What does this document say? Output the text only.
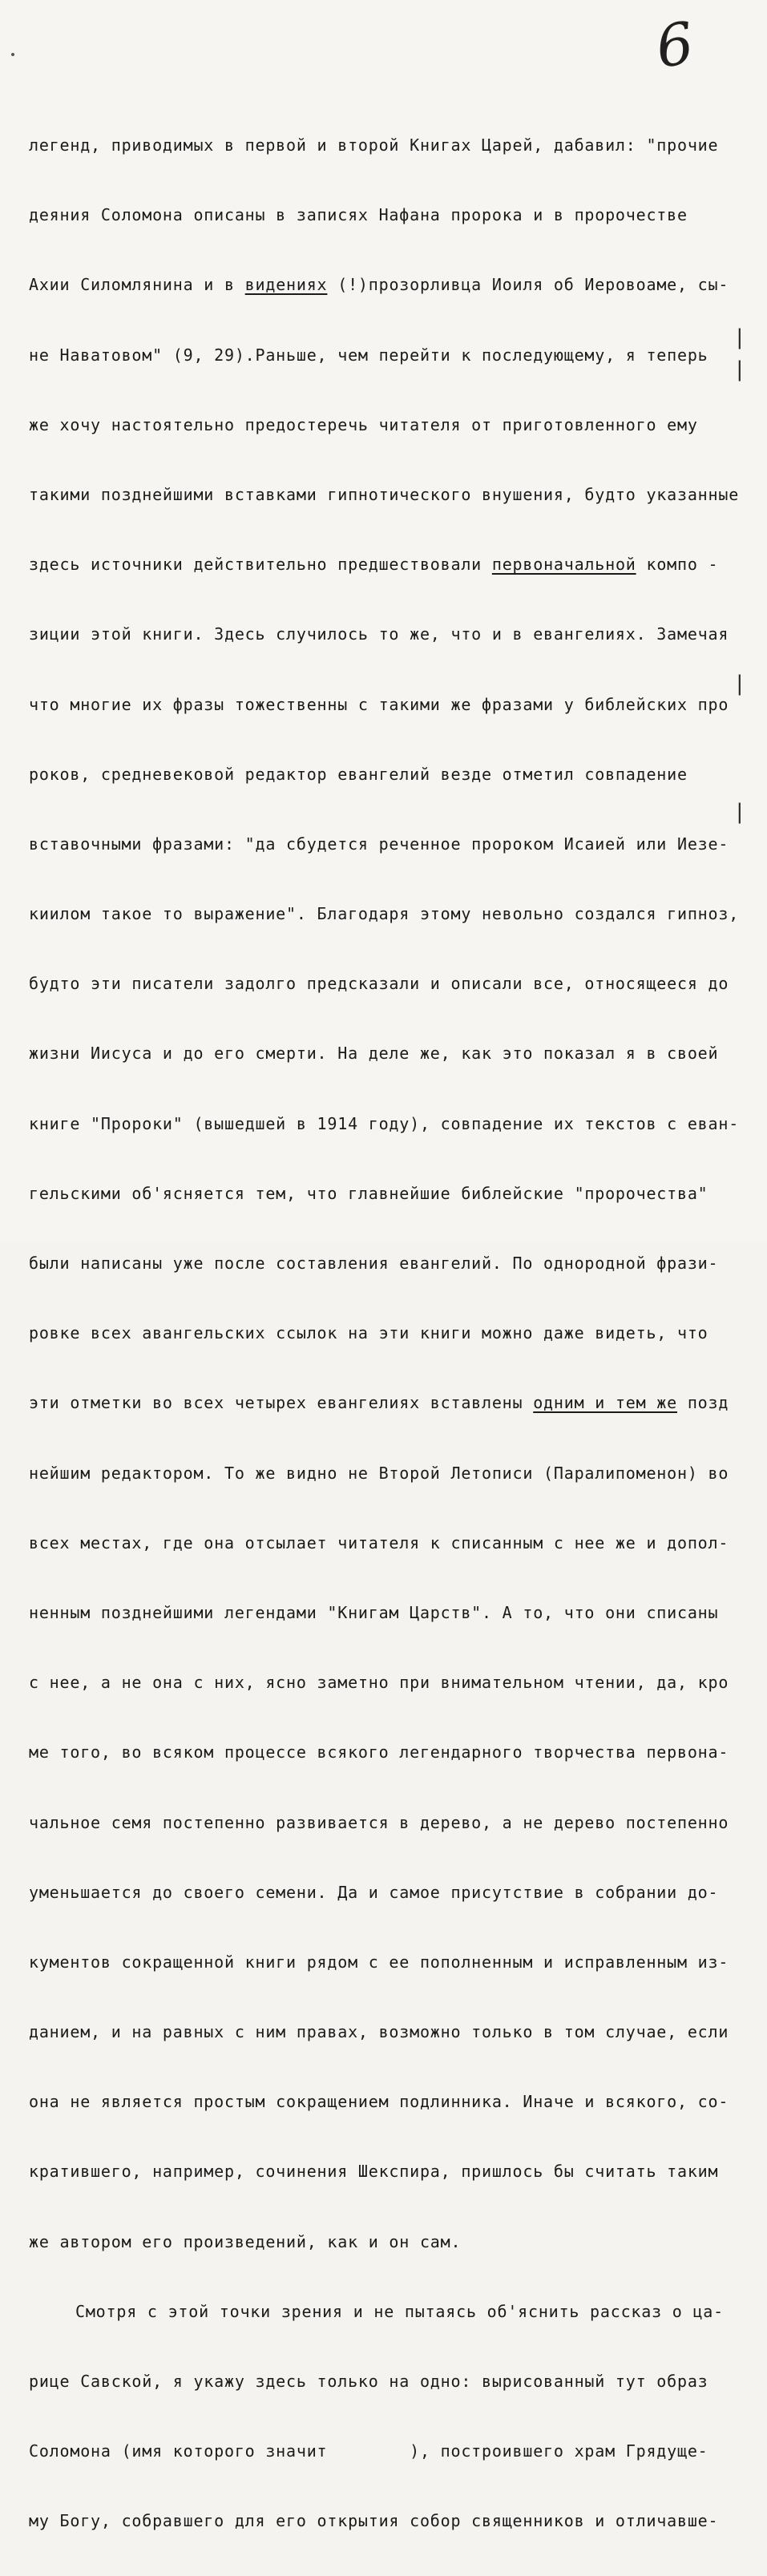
6

легенд, приводимых в первой и второй Книгах Царей, дабавил: "прочие

деяния Соломона описаны в записях Нафана пророка и в пророчестве

Ахии Силомлянина и в видениях (!)прозорливца Иоиля об Иеровоаме, сы-

не Наватовом" (9, 29).Раньше, чем перейти к последующему, я теперь

же хочу настоятельно предостеречь читателя от приготовленного ему

такими позднейшими вставками гипнотического внушения, будто указанные

здесь источники действительно предшествовали первоначальной компо -

зиции этой книги. Здесь случилось то же, что и в евангелиях. Замечая

что многие их фразы тожественны с такими же фразами у библейских про

роков, средневековой редактор евангелий везде отметил совпадение

вставочными фразами: "да сбудется реченное пророком Исаией или Иезе-

киилом такое то выражение". Благодаря этому невольно создался гипноз,

будто эти писатели задолго предсказали и описали все, относящееся до

жизни Иисуса и до его смерти. На деле же, как это показал я в своей

книге "Пророки" (вышедшей в 1914 году), совпадение их текстов с еван-

гельскими об'ясняется тем, что главнейшие библейские "пророчества"

были написаны уже после составления евангелий. По однородной фрази-

ровке всех авангельских ссылок на эти книги можно даже видеть, что

эти отметки во всех четырех евангелиях вставлены одним и тем же позд

нейшим редактором. То же видно не Второй Летописи (Паралипоменон) во

всех местах, где она отсылает читателя к списанным с нее же и допол-

ненным позднейшими легендами "Книгам Царств". А то, что они списаны

с нее, а не она с них, ясно заметно при внимательном чтении, да, кро

ме того, во всяком процессе всякого легендарного творчества первона-

чальное семя постепенно развивается в дерево, а не дерево постепенно

уменьшается до своего семени. Да и самое присутствие в собрании до-

кументов сокращенной книги рядом с ее пополненным и исправленным из-

данием, и на равных с ним правах, возможно только в том случае, если

она не является простым сокращением подлинника. Иначе и всякого, со-

кратившего, например, сочинения Шекспира, пришлось бы считать таким

же автором его произведений, как и он сам.

Смотря с этой точки зрения и не пытаясь об'яснить рассказ о ца-

рице Савской, я укажу здесь только на одно: вырисованный тут образ

Соломона (имя которого значит        ), построившего храм Грядуще-

му Богу, собравшего для его открытия собор священников и отличавше-

|
|
|
|
